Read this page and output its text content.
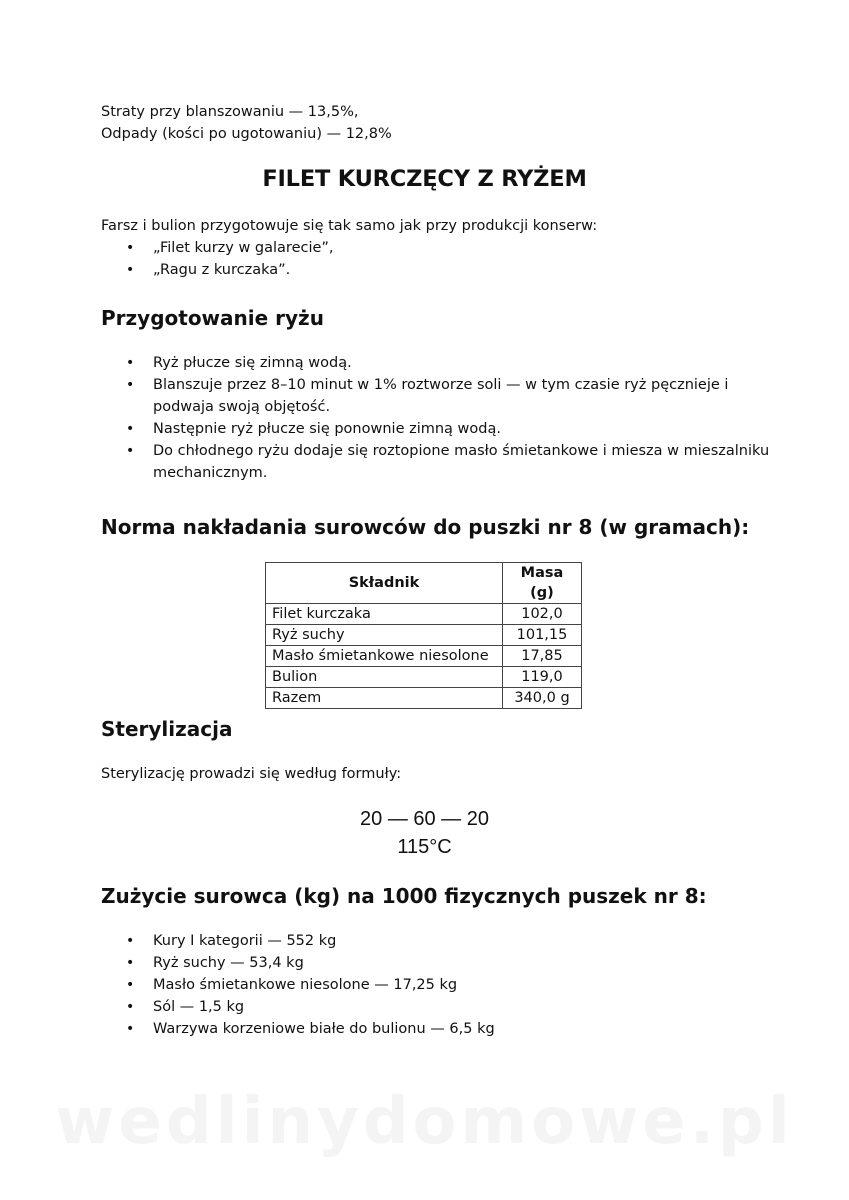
Straty przy blanszowaniu — 13,5%,
Odpady (kości po ugotowaniu) — 12,8%
FILET KURCZĘCY Z RYŻEM
Farsz i bulion przygotowuje się tak samo jak przy produkcji konserw:
• „Filet kurzy w galarecie”,
• „Ragu z kurczaka”.
Przygotowanie ryżu
• Ryż płucze się zimną wodą.
• Blanszuje przez 8–10 minut w 1% roztworze soli — w tym czasie ryż pęcznieje i podwaja swoją objętość.
• Następnie ryż płucze się ponownie zimną wodą.
• Do chłodnego ryżu dodaje się roztopione masło śmietankowe i miesza w mieszalniku mechanicznym.
Norma nakładania surowców do puszki nr 8 (w gramach):
Składnik	Masa (g)
Filet kurczaka	102,0
Ryż suchy	101,15
Masło śmietankowe niesolone	17,85
Bulion	119,0
Razem	340,0 g
Sterylizacja
Sterylizację prowadzi się według formuły:
20 — 60 — 20
115°C
Zużycie surowca (kg) na 1000 fizycznych puszek nr 8:
• Kury I kategorii — 552 kg
• Ryż suchy — 53,4 kg
• Masło śmietankowe niesolone — 17,25 kg
• Sól — 1,5 kg
• Warzywa korzeniowe białe do bulionu — 6,5 kg
wedlinydomowe.pl
